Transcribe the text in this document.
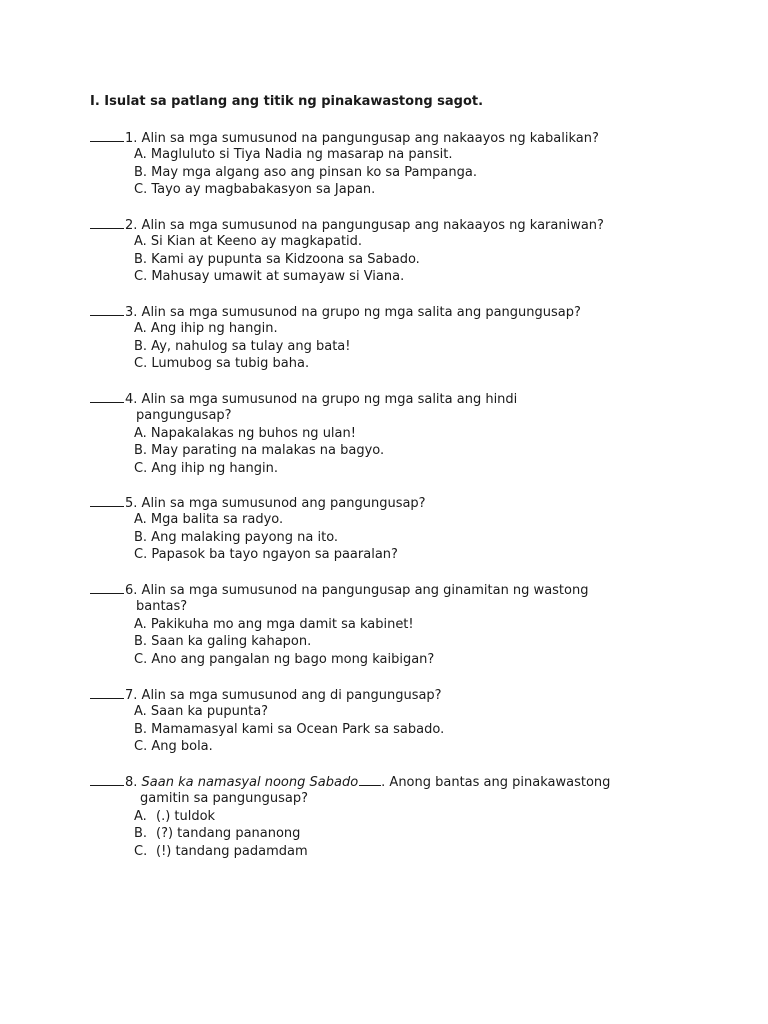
I. Isulat sa patlang ang titik ng pinakawastong sagot.
1. Alin sa mga sumusunod na pangungusap ang nakaayos ng kabalikan?
A. Magluluto si Tiya Nadia ng masarap na pansit.
B. May mga algang aso ang pinsan ko sa Pampanga.
C. Tayo ay magbabakasyon sa Japan.
2. Alin sa mga sumusunod na pangungusap ang nakaayos ng karaniwan?
A. Si Kian at Keeno ay magkapatid.
B. Kami ay pupunta sa Kidzoona sa Sabado.
C. Mahusay umawit at sumayaw si Viana.
3. Alin sa mga sumusunod na grupo ng mga salita ang pangungusap?
A. Ang ihip ng hangin.
B. Ay, nahulog sa tulay ang bata!
C. Lumubog sa tubig baha.
4. Alin sa mga sumusunod na grupo ng mga salita ang hindi
pangungusap?
A. Napakalakas ng buhos ng ulan!
B. May parating na malakas na bagyo.
C. Ang ihip ng hangin.
5. Alin sa mga sumusunod ang pangungusap?
A. Mga balita sa radyo.
B. Ang malaking payong na ito.
C. Papasok ba tayo ngayon sa paaralan?
6. Alin sa mga sumusunod na pangungusap ang ginamitan ng wastong
bantas?
A. Pakikuha mo ang mga damit sa kabinet!
B. Saan ka galing kahapon.
C. Ano ang pangalan ng bago mong kaibigan?
7. Alin sa mga sumusunod ang di pangungusap?
A. Saan ka pupunta?
B. Mamamasyal kami sa Ocean Park sa sabado.
C. Ang bola.
8. Saan ka namasyal noong Sabado . Anong bantas ang pinakawastong
gamitin sa pangungusap?
A. (.) tuldok
B. (?) tandang pananong
C. (!) tandang padamdam
